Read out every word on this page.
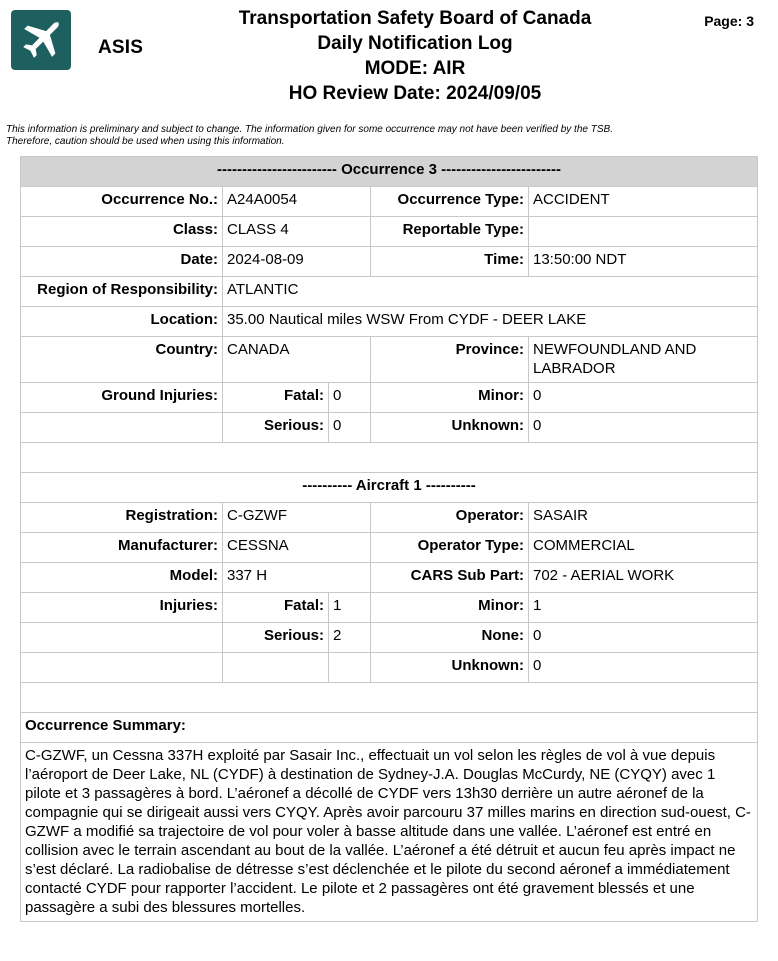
ASIS
Transportation Safety Board of Canada
Daily Notification Log
MODE: AIR
HO Review Date: 2024/09/05
Page: 3
This information is preliminary and subject to change. The information given for some occurrence may not have been verified by the TSB.
Therefore, caution should be used when using this information.
------------------------ Occurrence 3 ------------------------				
Occurrence No.:	A24A0054		Occurrence Type:	ACCIDENT
Class:	CLASS 4		Reportable Type:	
Date:	2024-08-09		Time:	13:50:00 NDT
Region of Responsibility:	ATLANTIC			
Location:	35.00 Nautical miles WSW From CYDF - DEER LAKE			
Country:	CANADA		Province:	NEWFOUNDLAND AND LABRADOR
Ground Injuries:	Fatal:	0	Minor:	0
	Serious:	0	Unknown:	0

---------- Aircraft 1 ----------				
Registration:	C-GZWF		Operator:	SASAIR
Manufacturer:	CESSNA		Operator Type:	COMMERCIAL
Model:	337 H		CARS Sub Part:	702 - AERIAL WORK
Injuries:	Fatal:	1	Minor:	1
	Serious:	2	None:	0
			Unknown:	0

Occurrence Summary:				
C-GZWF, un Cessna 337H exploité par Sasair Inc., effectuait un vol selon les règles de vol à vue depuis l’aéroport de Deer Lake, NL (CYDF) à destination de Sydney-J.A. Douglas McCurdy, NE (CYQY) avec 1 pilote et 3 passagères à bord. L’aéronef a décollé de CYDF vers 13h30 derrière un autre aéronef de la compagnie qui se dirigeait aussi vers CYQY. Après avoir parcouru 37 milles marins en direction sud-ouest, C-GZWF a modifié sa trajectoire de vol pour voler à basse altitude dans une vallée. L’aéronef est entré en collision avec le terrain ascendant au bout de la vallée. L’aéronef a été détruit et aucun feu après impact ne s’est déclaré. La radiobalise de détresse s’est déclenchée et le pilote du second aéronef a immédiatement contacté CYDF pour rapporter l’accident. Le pilote et 2 passagères ont été gravement blessés et une passagère a subi des blessures mortelles.				
